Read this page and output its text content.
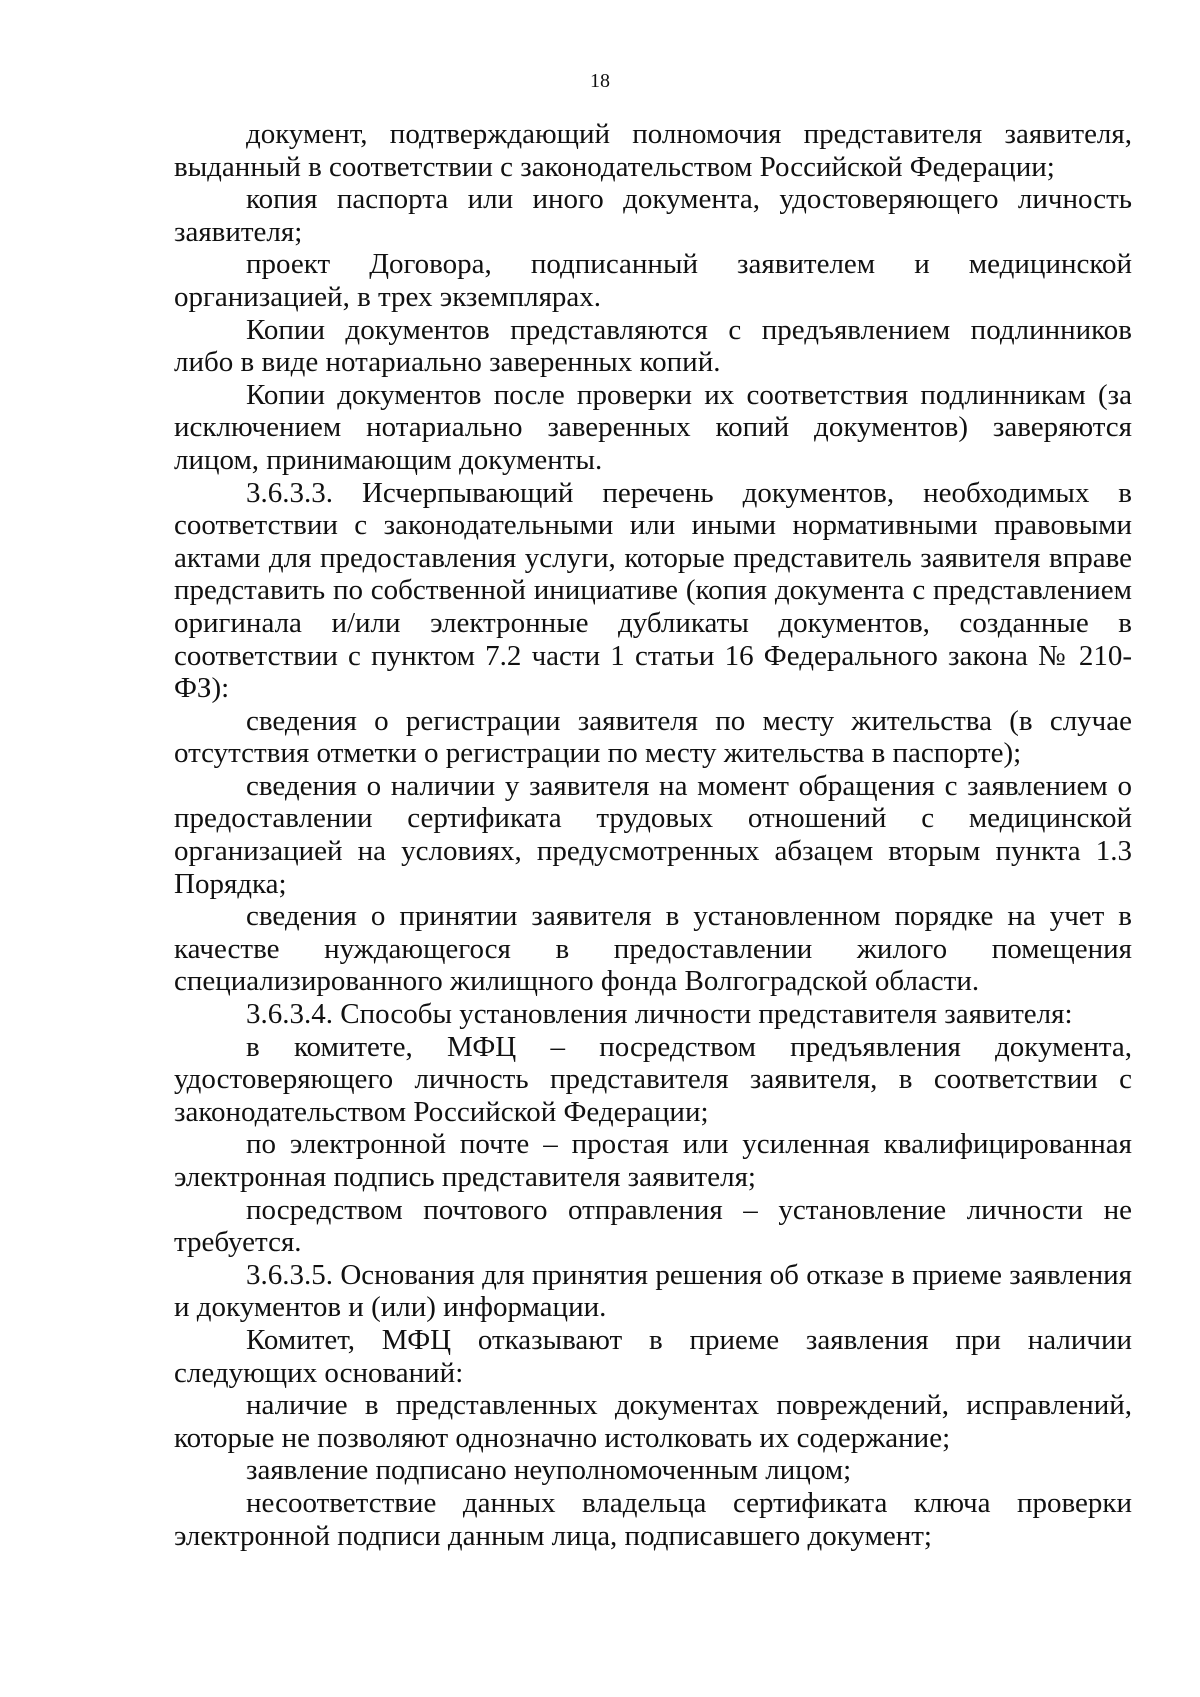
18

документ, подтверждающий полномочия представителя заявителя, выданный в соответствии с законодательством Российской Федерации;

копия паспорта или иного документа, удостоверяющего личность заявителя;

проект Договора, подписанный заявителем и медицинской организацией, в трех экземплярах.

Копии документов представляются с предъявлением подлинников либо в виде нотариально заверенных копий.

Копии документов после проверки их соответствия подлинникам (за исключением нотариально заверенных копий документов) заверяются лицом, принимающим документы.

3.6.3.3. Исчерпывающий перечень документов, необходимых в соответствии с законодательными или иными нормативными правовыми актами для предоставления услуги, которые представитель заявителя вправе представить по собственной инициативе (копия документа с представлением оригинала и/или электронные дубликаты документов, созданные в соответствии с пунктом 7.2 части 1 статьи 16 Федерального закона № 210-ФЗ):

сведения о регистрации заявителя по месту жительства (в случае отсутствия отметки о регистрации по месту жительства в паспорте);

сведения о наличии у заявителя на момент обращения с заявлением о предоставлении сертификата трудовых отношений с медицинской организацией на условиях, предусмотренных абзацем вторым пункта 1.3 Порядка;

сведения о принятии заявителя в установленном порядке на учет в качестве нуждающегося в предоставлении жилого помещения специализированного жилищного фонда Волгоградской области.

3.6.3.4. Способы установления личности представителя заявителя:

в комитете, МФЦ – посредством предъявления документа, удостоверяющего личность представителя заявителя, в соответствии с законодательством Российской Федерации;

по электронной почте – простая или усиленная квалифицированная электронная подпись представителя заявителя;

посредством почтового отправления – установление личности не требуется.

3.6.3.5. Основания для принятия решения об отказе в приеме заявления и документов и (или) информации.

Комитет, МФЦ отказывают в приеме заявления при наличии следующих оснований:

наличие в представленных документах повреждений, исправлений, которые не позволяют однозначно истолковать их содержание;

заявление подписано неуполномоченным лицом;

несоответствие данных владельца сертификата ключа проверки электронной подписи данным лица, подписавшего документ;
